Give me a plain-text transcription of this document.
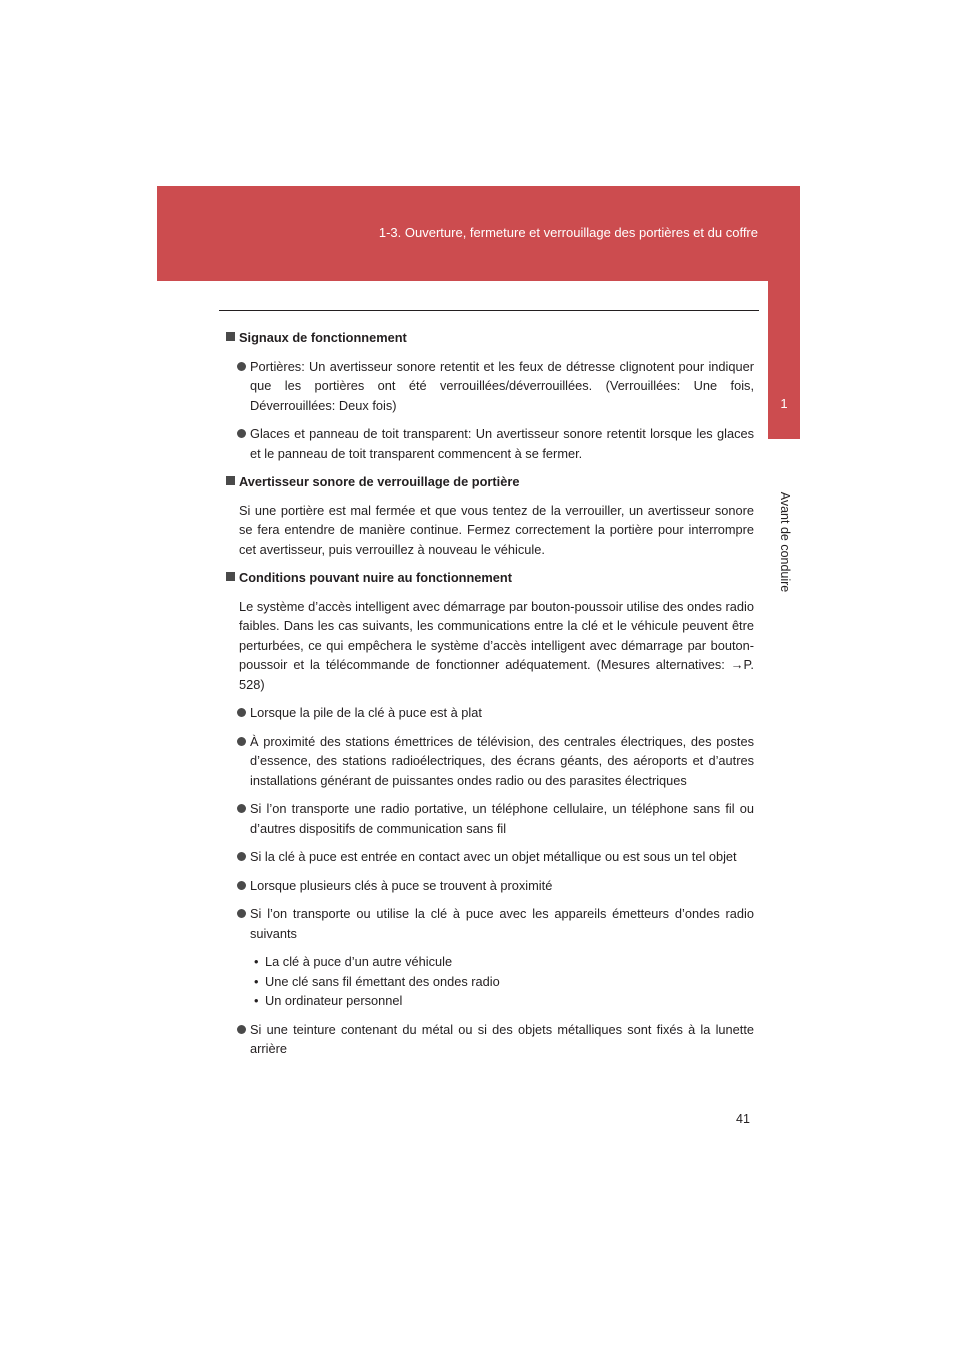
1-3. Ouverture, fermeture et verrouillage des portières et du coffre
1
Avant de conduire
Signaux de fonctionnement
Portières: Un avertisseur sonore retentit et les feux de détresse clignotent pour indiquer que les portières ont été verrouillées/déverrouillées. (Verrouillées: Une fois, Déverrouillées: Deux fois)
Glaces et panneau de toit transparent: Un avertisseur sonore retentit lorsque les glaces et le panneau de toit transparent commencent à se fermer.
Avertisseur sonore de verrouillage de portière
Si une portière est mal fermée et que vous tentez de la verrouiller, un avertisseur sonore se fera entendre de manière continue. Fermez correctement la portière pour interrompre cet avertisseur, puis verrouillez à nouveau le véhicule.
Conditions pouvant nuire au fonctionnement
Le système d’accès intelligent avec démarrage par bouton-poussoir utilise des ondes radio faibles. Dans les cas suivants, les communications entre la clé et le véhicule peuvent être perturbées, ce qui empêchera le système d’accès intelligent avec démarrage par bouton-poussoir et la télécommande de fonctionner adéquatement. (Mesures alternatives: →P. 528)
Lorsque la pile de la clé à puce est à plat
À proximité des stations émettrices de télévision, des centrales électriques, des postes d’essence, des stations radioélectriques, des écrans géants, des aéroports et d’autres installations générant de puissantes ondes radio ou des parasites électriques
Si l’on transporte une radio portative, un téléphone cellulaire, un téléphone sans fil ou d’autres dispositifs de communication sans fil
Si la clé à puce est entrée en contact avec un objet métallique ou est sous un tel objet
Lorsque plusieurs clés à puce se trouvent à proximité
Si l’on transporte ou utilise la clé à puce avec les appareils émetteurs d’ondes radio suivants
• La clé à puce d’un autre véhicule
• Une clé sans fil émettant des ondes radio
• Un ordinateur personnel
Si une teinture contenant du métal ou si des objets métalliques sont fixés à la lunette arrière
41
